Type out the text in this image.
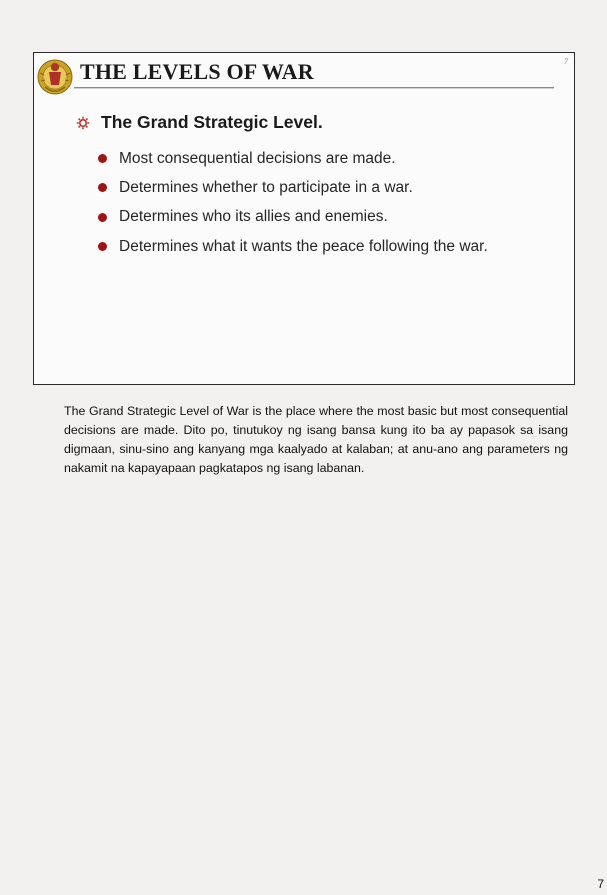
7
THE LEVELS OF WAR
The Grand Strategic Level.
Most consequential decisions are made.
Determines whether to participate in a war.
Determines who its allies and enemies.
Determines what it wants the peace following the war.

The Grand Strategic Level of War is the place where the most basic but most consequential decisions are made. Dito po, tinutukoy ng isang bansa kung ito ba ay papasok sa isang digmaan, sinu-sino ang kanyang mga kaalyado at kalaban; at anu-ano ang parameters ng nakamit na kapayapaan pagkatapos ng isang labanan.

7
